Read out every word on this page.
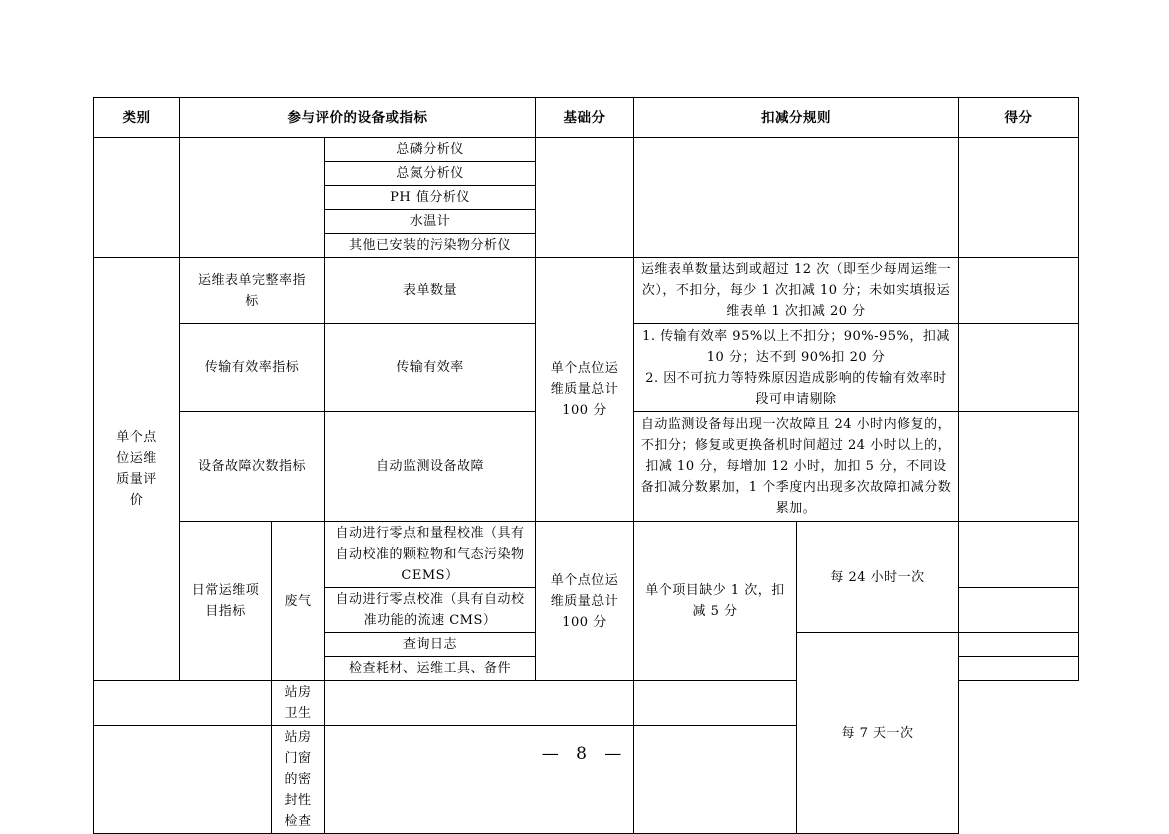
类别	参与评价的设备或指标			基础分	扣减分规则		得分
			总磷分析仪				
			总氮分析仪				
			PH 值分析仪				
			水温计				
			其他已安装的污染物分析仪				
单个点位运维质量评价	运维表单完整率指标		表单数量	单个点位运维质量总计 100 分	运维表单数量达到或超过 12 次（即至少每周运维一次），不扣分，每少 1 次扣减 10 分；未如实填报运维表单 1 次扣减 20 分		
	传输有效率指标		传输有效率		1. 传输有效率 95%以上不扣分；90%-95%，扣减 10 分；达不到 90%扣 20 分
2. 因不可抗力等特殊原因造成影响的传输有效率时段可申请剔除		

	设备故障次数指标		自动监测设备故障		自动监测设备每出现一次故障且 24 小时内修复的，不扣分；修复或更换备机时间超过 24 小时以上的，扣减 10 分，每增加 12 小时，加扣 5 分，不同设备扣减分数累加，1 个季度内出现多次故障扣减分数累加。		
	日常运维项目指标	废气	自动进行零点和量程校准（具有自动校准的颗粒物和气态污染物 CEMS）	单个点位运维质量总计 100 分	单个项目缺少 1 次，扣减 5 分	每 24 小时一次	
			自动进行零点校准（具有自动校准功能的流速 CMS）				
			查询日志			每 7 天一次	
			检查耗材、运维工具、备件				
		站房卫生					
		站房门窗的密封性检查					
— 8 —
